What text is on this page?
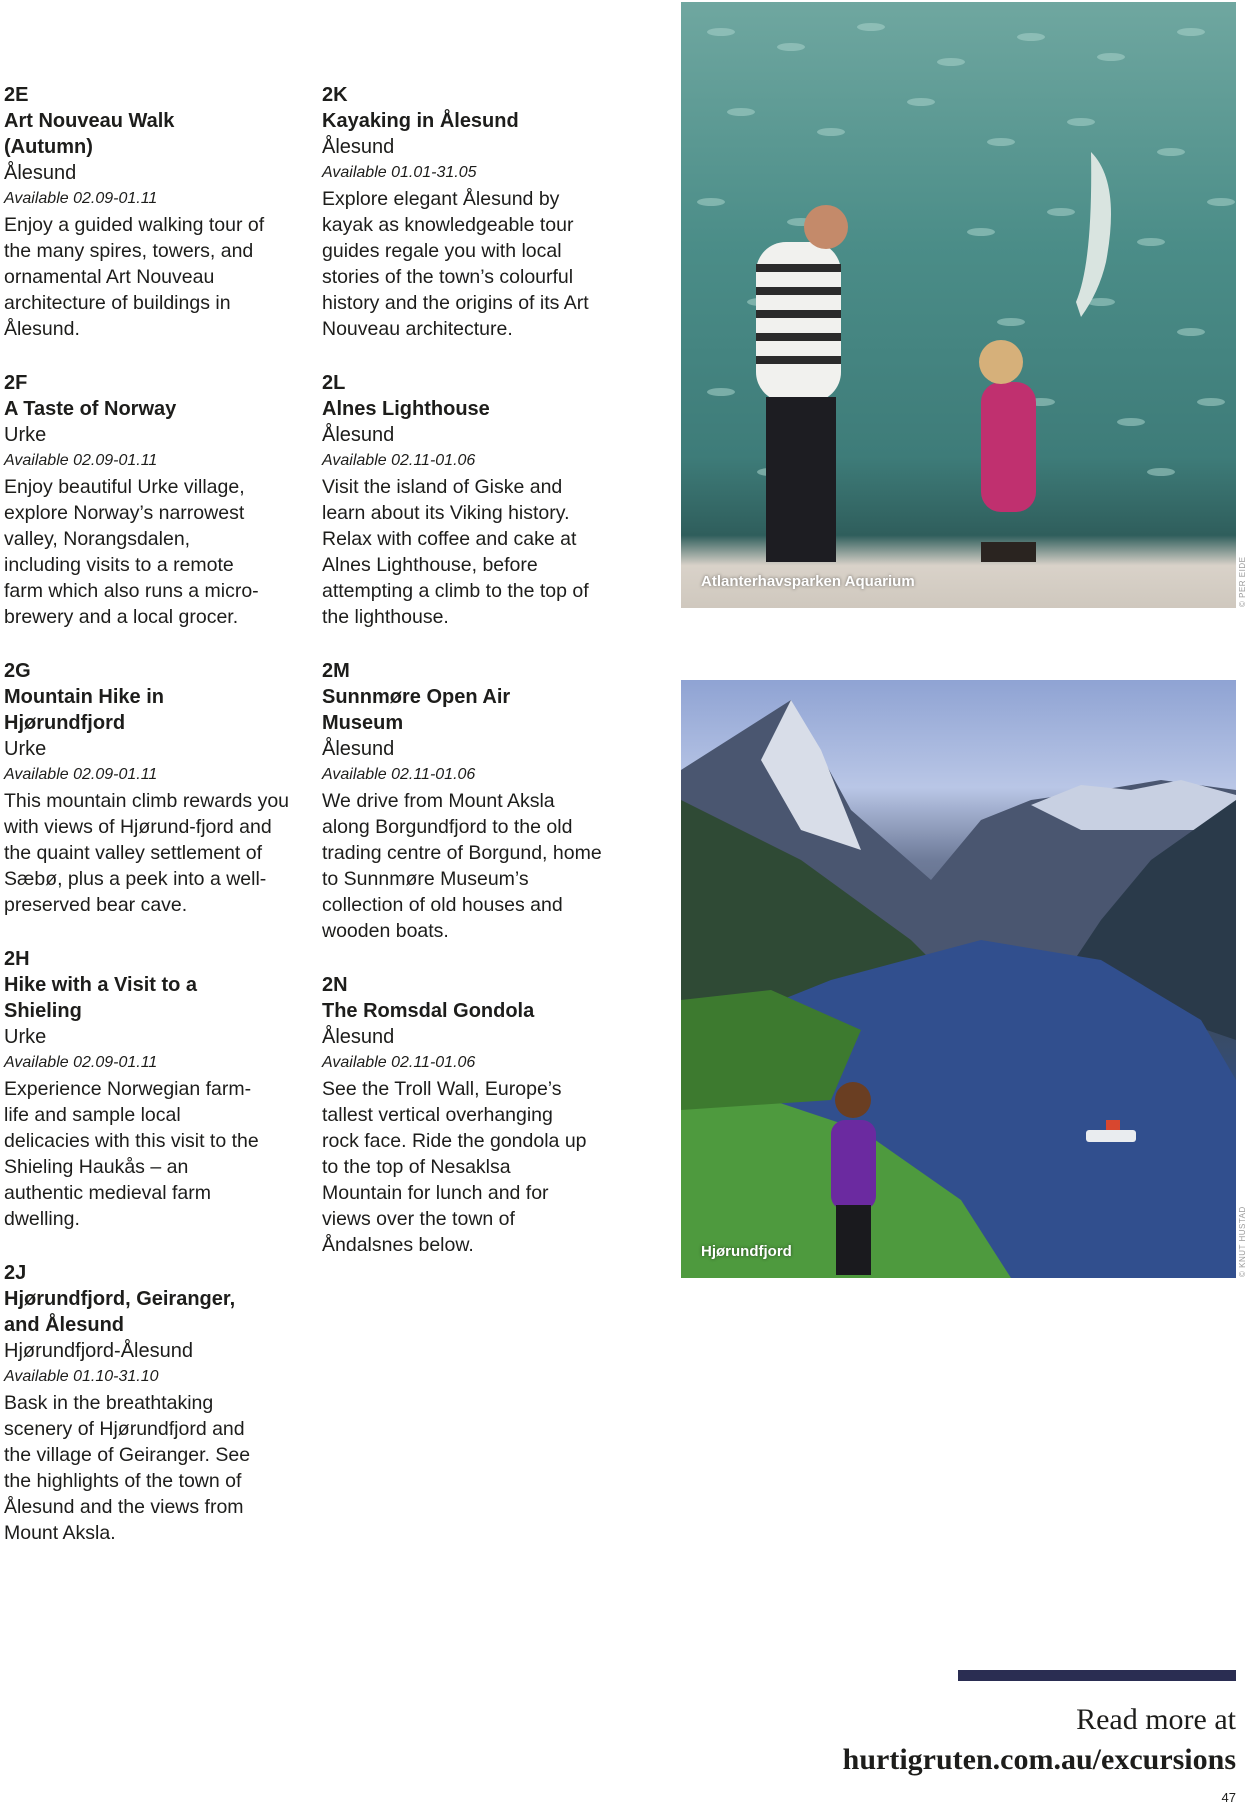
2E
Art Nouveau Walk (Autumn)
Ålesund
Available 02.09-01.11
Enjoy a guided walking tour of the many spires, towers, and ornamental Art Nouveau architecture of buildings in Ålesund.
2F
A Taste of Norway
Urke
Available 02.09-01.11
Enjoy beautiful Urke village, explore Norway’s narrowest valley, Norangsdalen, including visits to a remote farm which also runs a micro-brewery and a local grocer.
2G
Mountain Hike in Hjørundfjord
Urke
Available 02.09-01.11
This mountain climb rewards you with views of Hjørund-fjord and the quaint valley settlement of Sæbø, plus a peek into a well-preserved bear cave.
2H
Hike with a Visit to a Shieling
Urke
Available 02.09-01.11
Experience Norwegian farm-life and sample local delicacies with this visit to the Shieling Haukås – an authentic medieval farm dwelling.
2J
Hjørundfjord, Geiranger, and Ålesund
Hjørundfjord-Ålesund
Available 01.10-31.10
Bask in the breathtaking scenery of Hjørundfjord and the village of Geiranger. See the highlights of the town of Ålesund and the views from Mount Aksla.
2K
Kayaking in Ålesund
Ålesund
Available 01.01-31.05
Explore elegant Ålesund by kayak as knowledgeable tour guides regale you with local stories of the town’s colourful history and the origins of its Art Nouveau architecture.
2L
Alnes Lighthouse
Ålesund
Available 02.11-01.06
Visit the island of Giske and learn about its Viking history. Relax with coffee and cake at Alnes Lighthouse, before attempting a climb to the top of the lighthouse.
2M
Sunnmøre Open Air Museum
Ålesund
Available 02.11-01.06
We drive from Mount Aksla along Borgundfjord to the old trading centre of Borgund, home to Sunnmøre Museum’s collection of old houses and wooden boats.
2N
The Romsdal Gondola
Ålesund
Available 02.11-01.06
See the Troll Wall, Europe’s tallest vertical overhanging rock face. Ride the gondola up to the top of Nesaklsa Mountain for lunch and for views over the town of Åndalsnes below.
Atlanterhavsparken Aquarium	© PER EIDE
Hjørundfjord	© KNUT HUSTAD
Read more at
hurtigruten.com.au/excursions
47
